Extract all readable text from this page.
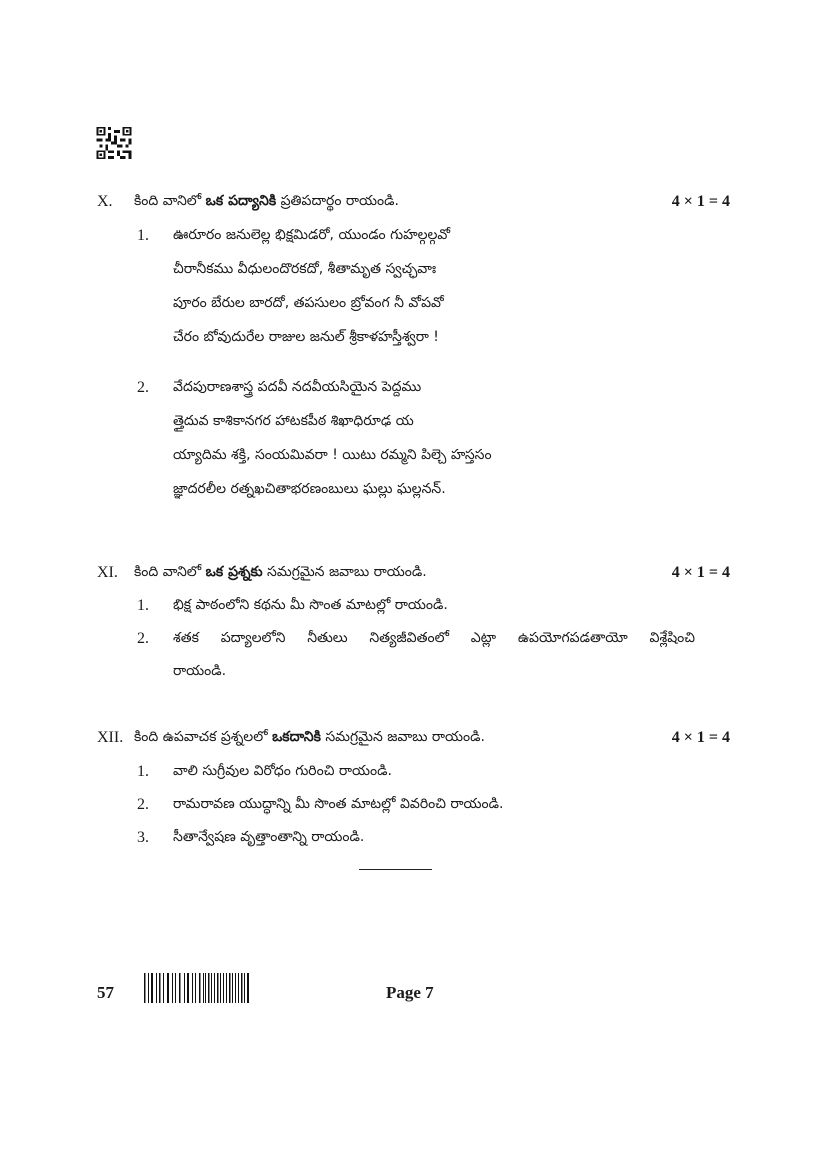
X. కింది వానిలో ఒక పద్యానికి ప్రతిపదార్థం రాయండి.	4 × 1 = 4
1. ఊరూరం జనులెల్ల భిక్షమిడరో, యుండం గుహల్గల్గవో
చీరానీకము వీధులందొరకదో, శీతామృత స్వచ్ఛవాః
పూరం బేరుల బారదో, తపసులం బ్రోవంగ నీ వోపవో
చేరం బోవుదురేల రాజుల జనుల్ శ్రీకాళహస్తీశ్వరా !
2. వేదపురాణశాస్త్ర పదవీ నదవీయసియైన పెద్దము
త్తైదువ కాశికానగర హాటకపీఠ శిఖాధిరూఢ య
య్యాదిమ శక్తి, సంయమివరా ! యిటు రమ్మని పిల్చె హస్తసం
జ్ఞాదరలీల రత్నఖచితాభరణంబులు ఘల్లు ఘల్లనన్.
XI. కింది వానిలో ఒక ప్రశ్నకు సమగ్రమైన జవాబు రాయండి.	4 × 1 = 4
1. భిక్ష పాఠంలోని కథను మీ సొంత మాటల్లో రాయండి.
2. శతక పద్యాలలోని నీతులు నిత్యజీవితంలో ఎట్లా ఉపయోగపడతాయో విశ్లేషించి
రాయండి.
XII. కింది ఉపవాచక ప్రశ్నలలో ఒకదానికి సమగ్రమైన జవాబు రాయండి.	4 × 1 = 4
1. వాలి సుగ్రీవుల విరోధం గురించి రాయండి.
2. రామరావణ యుద్ధాన్ని మీ సొంత మాటల్లో వివరించి రాయండి.
3. సీతాన్వేషణ వృత్తాంతాన్ని రాయండి.
57	Page 7
